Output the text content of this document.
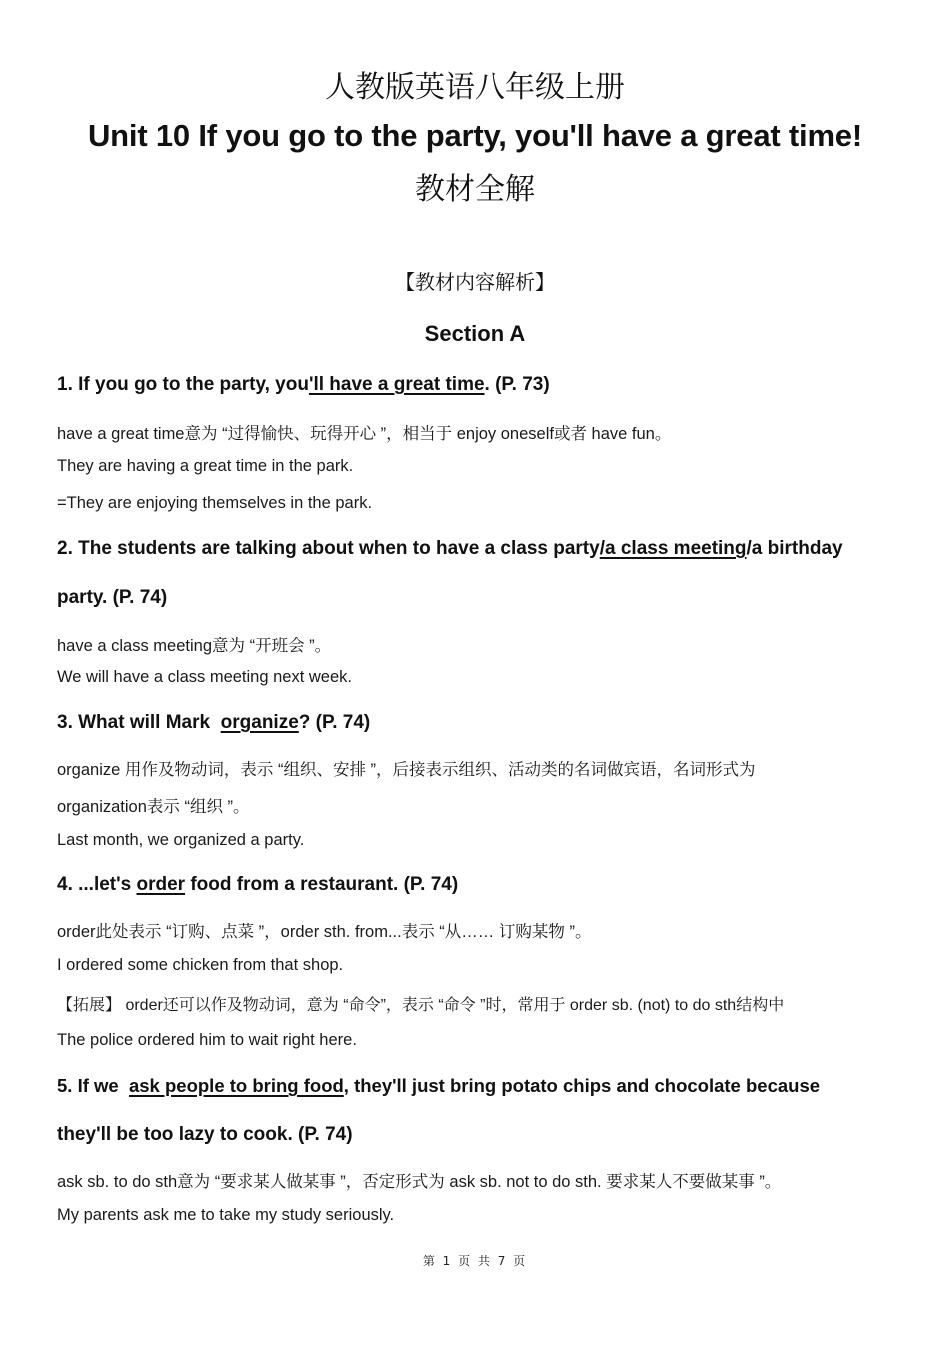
人教版英语八年级上册
Unit 10 If you go to the party, you'll have a great time!
教材全解
【教材内容解析】
Section A
1. If you go to the party, you'll have a great time. (P. 73)
have a great time意为 “过得愉快、玩得开心 ”，相当于 enjoy oneself或者 have fun。
They are having a great time in the park.
=They are enjoying themselves in the park.
2. The students are talking about when to have a class party/a class meeting/a birthday
party. (P. 74)
have a class meeting意为 “开班会 ”。
We will have a class meeting next week.
3. What will Mark organize? (P. 74)
organize 用作及物动词，表示 “组织、安排 ”，后接表示组织、活动类的名词做宾语，名词形式为
organization表示 “组织 ”。
Last month, we organized a party.
4. ...let's order food from a restaurant. (P. 74)
order此处表示 “订购、点菜 ”，order sth. from...表示 “从…… 订购某物 ”。
I ordered some chicken from that shop.
【拓展】 order还可以作及物动词，意为 “命令”，表示 “命令 ”时，常用于 order sb. (not) to do sth结构中
The police ordered him to wait right here.
5. If we ask people to bring food, they'll just bring potato chips and chocolate because
they'll be too lazy to cook. (P. 74)
ask sb. to do sth意为 “要求某人做某事 ”，否定形式为 ask sb. not to do sth. 要求某人不要做某事 ”。
My parents ask me to take my study seriously.
第 1 页 共 7 页
